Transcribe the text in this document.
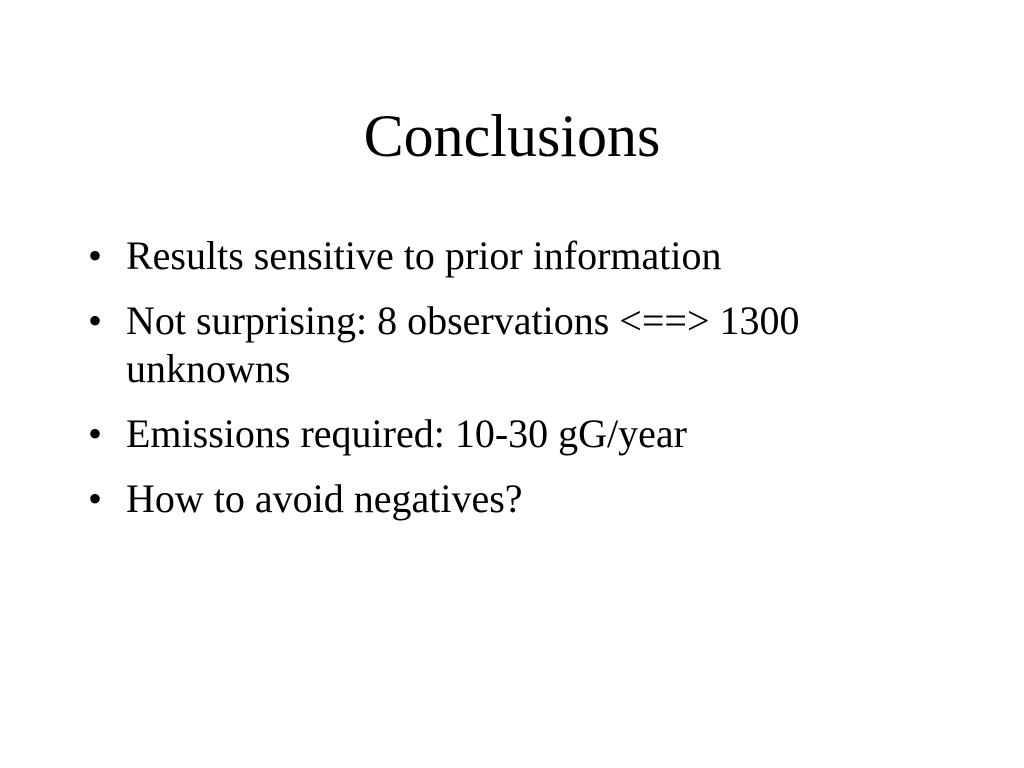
Conclusions
• Results sensitive to prior information
• Not surprising: 8 observations <==> 1300 unknowns
• Emissions required: 10-30 gG/year
• How to avoid negatives?
